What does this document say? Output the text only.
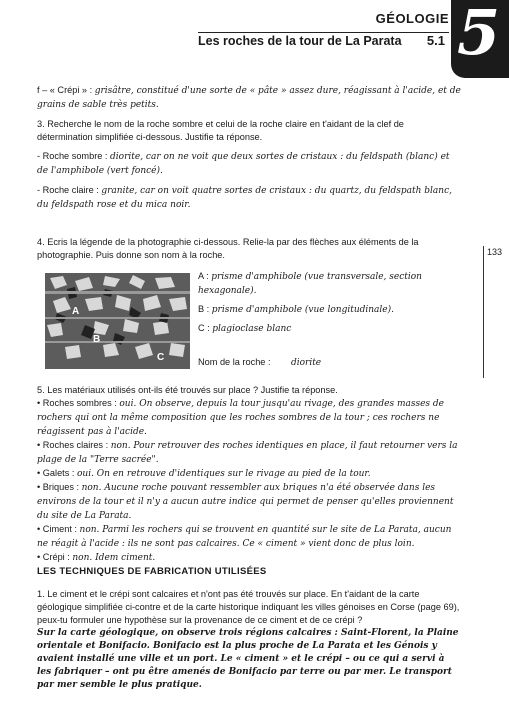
GÉOLOGIE
Les roches de la tour de La Parata 5.1 5
133

f – « Crépi » : grisâtre, constitué d'une sorte de « pâte » assez dure, réagissant à l'acide, et de grains de sable très petits.

3. Recherche le nom de la roche sombre et celui de la roche claire en t'aidant de la clef de détermination simplifiée ci-dessous. Justifie ta réponse.

- Roche sombre : diorite, car on ne voit que deux sortes de cristaux : du feldspath (blanc) et de l'amphibole (vert foncé).

- Roche claire : granite, car on voit quatre sortes de cristaux : du quartz, du feldspath blanc, du feldspath rose et du mica noir.

4. Ecris la légende de la photographie ci-dessous. Relie-la par des flèches aux éléments de la photographie. Puis donne son nom à la roche.

A
B
C

A : prisme d'amphibole (vue transversale, section hexagonale).

B : prisme d'amphibole (vue longitudinale).

C : plagioclase blanc

Nom de la roche :        diorite

5. Les matériaux utilisés ont-ils été trouvés sur place ? Justifie ta réponse.

• Roches sombres : oui. On observe, depuis la tour jusqu'au rivage, des grandes masses de rochers qui ont la même composition que les roches sombres de la tour ; ces rochers ne réagissent pas à l'acide.

• Roches claires : non. Pour retrouver des roches identiques en place, il faut retourner vers la plage de la "Terre sacrée".

• Galets : oui. On en retrouve d'identiques sur le rivage au pied de la tour.

• Briques : non. Aucune roche pouvant ressembler aux briques n'a été observée dans les environs de la tour et il n'y a aucun autre indice qui permet de penser qu'elles proviennent du site de La Parata.

• Ciment : non. Parmi les rochers qui se trouvent en quantité sur le site de La Parata, aucun ne réagit à l'acide : ils ne sont pas calcaires. Ce « ciment » vient donc de plus loin.

• Crépi : non. Idem ciment.

LES TECHNIQUES DE FABRICATION UTILISÉES

1. Le ciment et le crépi sont calcaires et n'ont pas été trouvés sur place. En t'aidant de la carte géologique simplifiée ci-contre et de la carte historique indiquant les villes génoises en Corse (page 69), peux-tu formuler une hypothèse sur la provenance de ce ciment et de ce crépi ?

Sur la carte géologique, on observe trois régions calcaires : Saint-Florent, la Plaine orientale et Bonifacio. Bonifacio est la plus proche de La Parata et les Génois y avaient installé une ville et un port. Le « ciment » et le crépi – ou ce qui a servi à les fabriquer – ont pu être amenés de Bonifacio par terre ou par mer. Le transport par mer semble le plus pratique.
